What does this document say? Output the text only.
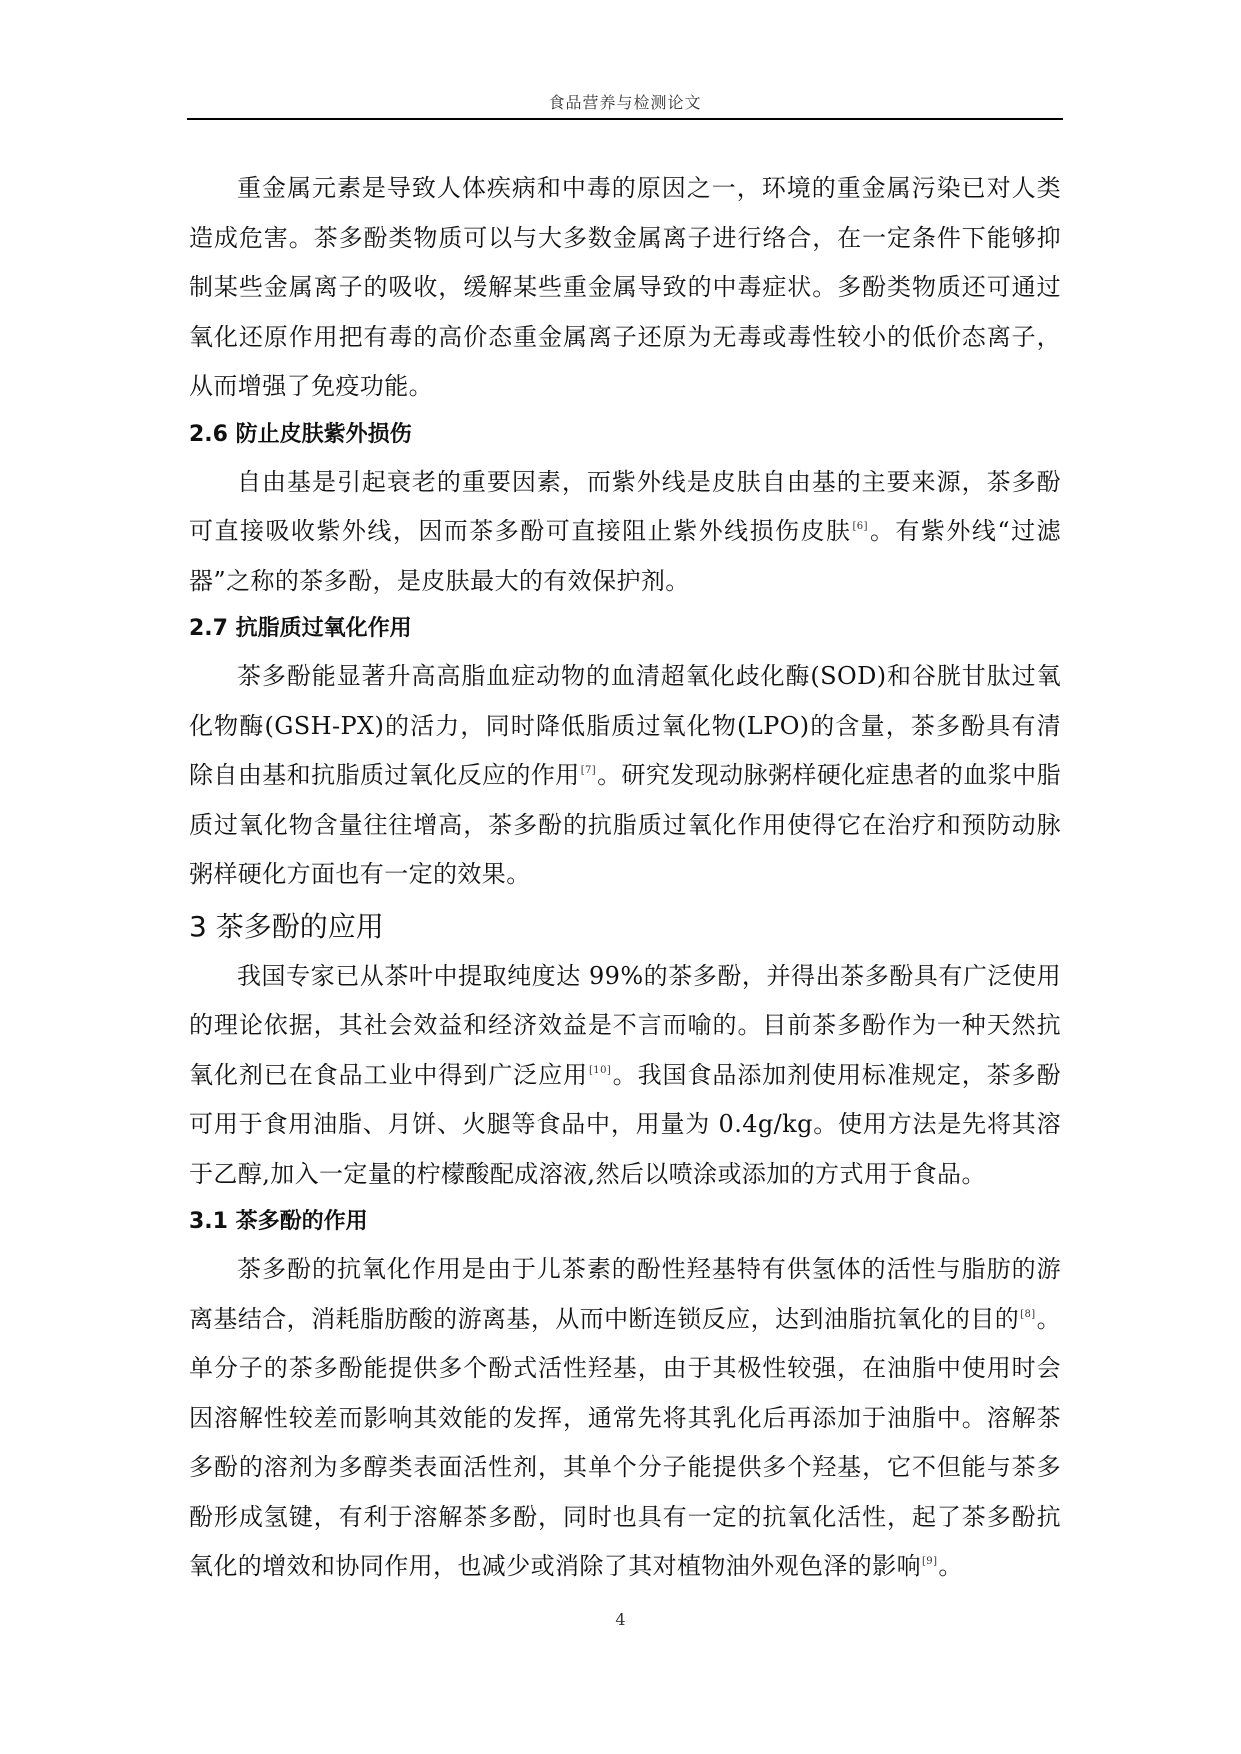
食品营养与检测论文

重金属元素是导致人体疾病和中毒的原因之一，环境的重金属污染已对人类造成危害。茶多酚类物质可以与大多数金属离子进行络合，在一定条件下能够抑制某些金属离子的吸收，缓解某些重金属导致的中毒症状。多酚类物质还可通过氧化还原作用把有毒的高价态重金属离子还原为无毒或毒性较小的低价态离子，从而增强了免疫功能。

2.6 防止皮肤紫外损伤

自由基是引起衰老的重要因素，而紫外线是皮肤自由基的主要来源，茶多酚可直接吸收紫外线，因而茶多酚可直接阻止紫外线损伤皮肤[6]。有紫外线“过滤器”之称的茶多酚，是皮肤最大的有效保护剂。

2.7 抗脂质过氧化作用

茶多酚能显著升高高脂血症动物的血清超氧化歧化酶(SOD)和谷胱甘肽过氧化物酶(GSH-PX)的活力，同时降低脂质过氧化物(LPO)的含量，茶多酚具有清除自由基和抗脂质过氧化反应的作用[7]。研究发现动脉粥样硬化症患者的血浆中脂质过氧化物含量往往增高，茶多酚的抗脂质过氧化作用使得它在治疗和预防动脉粥样硬化方面也有一定的效果。

3 茶多酚的应用

我国专家已从茶叶中提取纯度达 99%的茶多酚，并得出茶多酚具有广泛使用的理论依据，其社会效益和经济效益是不言而喻的。目前茶多酚作为一种天然抗氧化剂已在食品工业中得到广泛应用[10]。我国食品添加剂使用标准规定，茶多酚可用于食用油脂、月饼、火腿等食品中，用量为 0.4g/kg。使用方法是先将其溶于乙醇,加入一定量的柠檬酸配成溶液,然后以喷涂或添加的方式用于食品。

3.1 茶多酚的作用

茶多酚的抗氧化作用是由于儿茶素的酚性羟基特有供氢体的活性与脂肪的游离基结合，消耗脂肪酸的游离基，从而中断连锁反应，达到油脂抗氧化的目的[8]。单分子的茶多酚能提供多个酚式活性羟基，由于其极性较强，在油脂中使用时会因溶解性较差而影响其效能的发挥，通常先将其乳化后再添加于油脂中。溶解茶多酚的溶剂为多醇类表面活性剂，其单个分子能提供多个羟基，它不但能与茶多酚形成氢键，有利于溶解茶多酚，同时也具有一定的抗氧化活性，起了茶多酚抗氧化的增效和协同作用，也减少或消除了其对植物油外观色泽的影响[9]。

4
